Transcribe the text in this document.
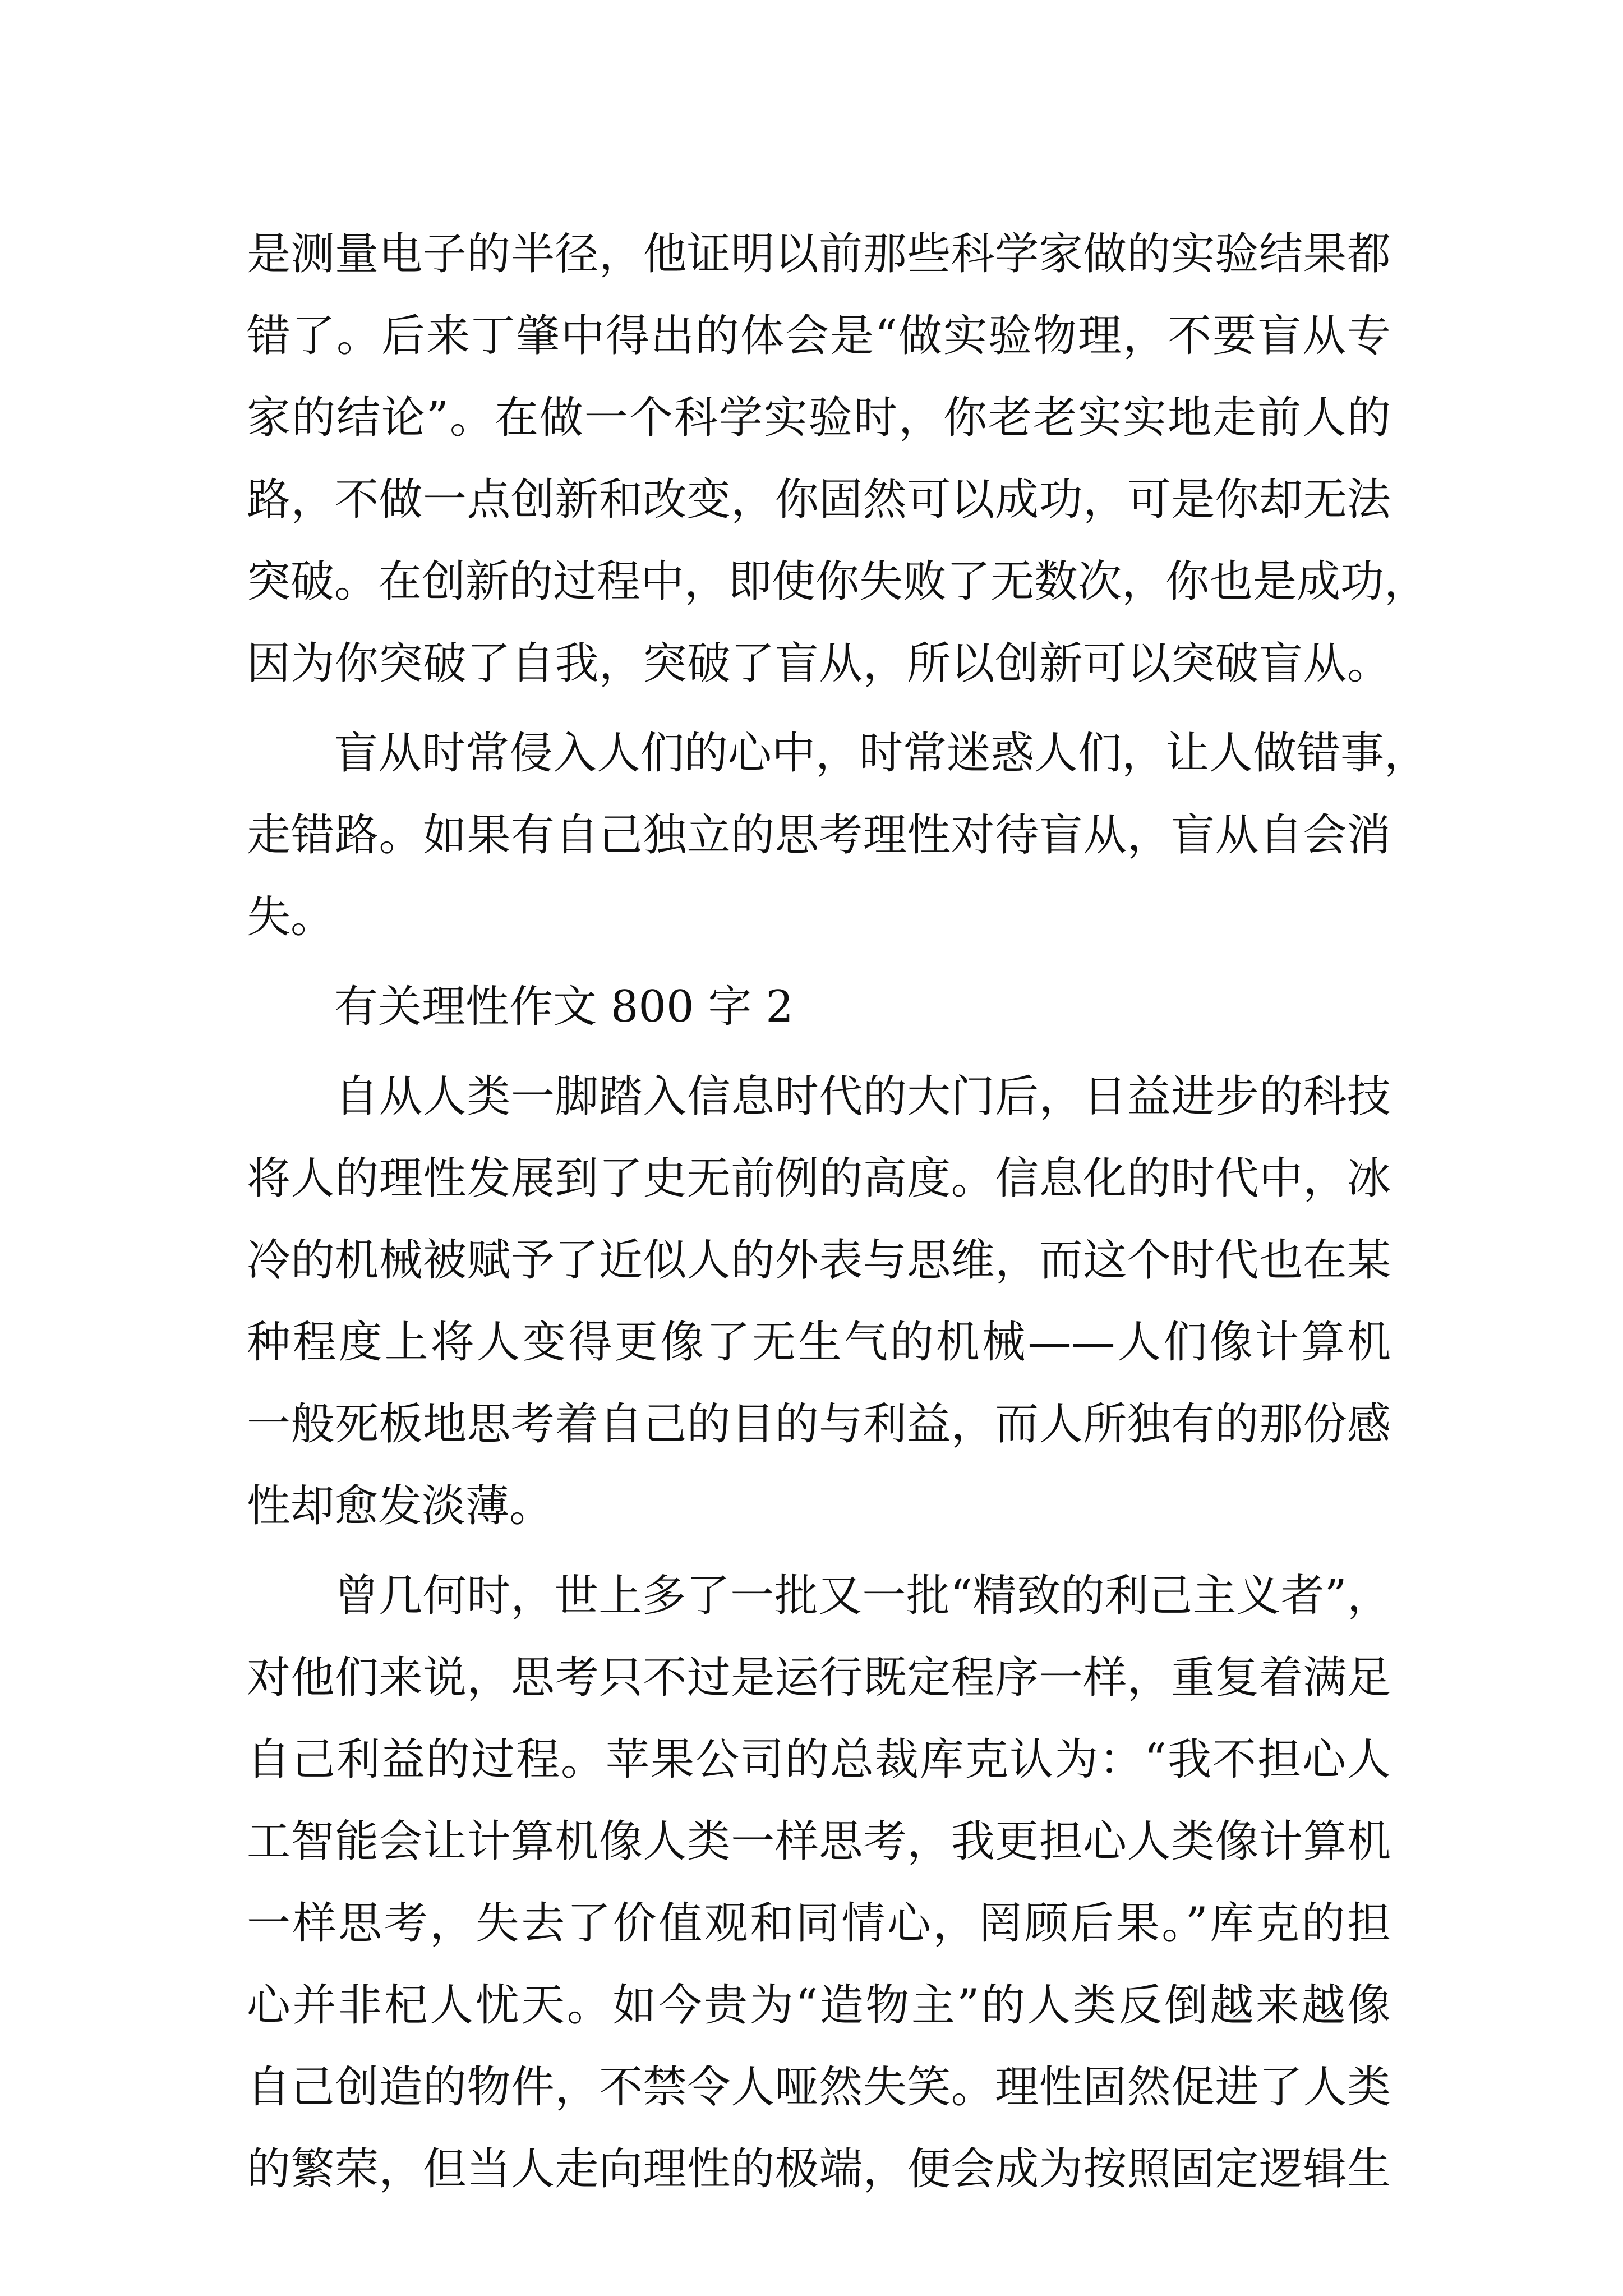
是测量电子的半径，他证明以前那些科学家做的实验结果都
错了。后来丁肇中得出的体会是“做实验物理，不要盲从专
家的结论”。在做一个科学实验时，你老老实实地走前人的
路，不做一点创新和改变，你固然可以成功，可是你却无法
突破。在创新的过程中，即使你失败了无数次，你也是成功，
因为你突破了自我，突破了盲从，所以创新可以突破盲从。
　　盲从时常侵入人们的心中，时常迷惑人们，让人做错事，
走错路。如果有自己独立的思考理性对待盲从，盲从自会消
失。
　　有关理性作文 800 字 2
　　自从人类一脚踏入信息时代的大门后，日益进步的科技
将人的理性发展到了史无前例的高度。信息化的时代中，冰
冷的机械被赋予了近似人的外表与思维，而这个时代也在某
种程度上将人变得更像了无生气的机械——人们像计算机
一般死板地思考着自己的目的与利益，而人所独有的那份感
性却愈发淡薄。
　　曾几何时，世上多了一批又一批“精致的利己主义者”，
对他们来说，思考只不过是运行既定程序一样，重复着满足
自己利益的过程。苹果公司的总裁库克认为：“我不担心人
工智能会让计算机像人类一样思考，我更担心人类像计算机
一样思考，失去了价值观和同情心，罔顾后果。”库克的担
心并非杞人忧天。如今贵为“造物主”的人类反倒越来越像
自己创造的物件，不禁令人哑然失笑。理性固然促进了人类
的繁荣，但当人走向理性的极端，便会成为按照固定逻辑生
